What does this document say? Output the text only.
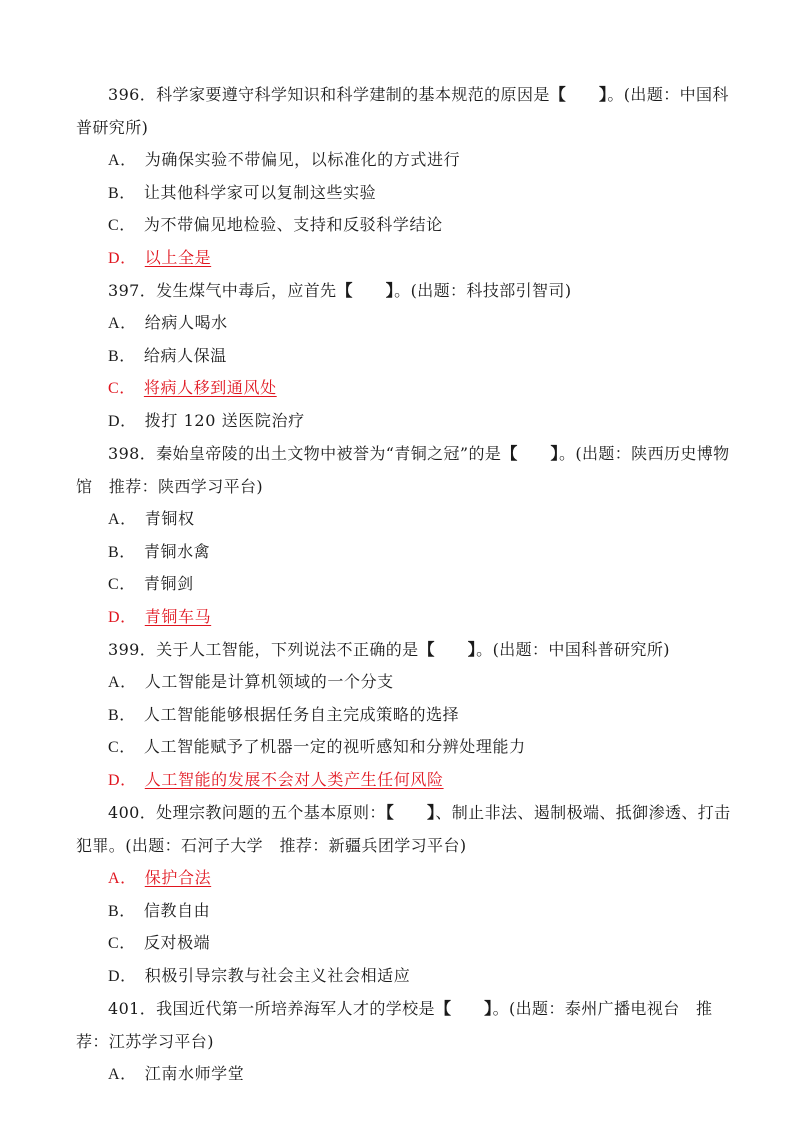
396．科学家要遵守科学知识和科学建制的基本规范的原因是【　　 】。(出题：中国科普研究所)

A． 为确保实验不带偏见，以标准化的方式进行
B． 让其他科学家可以复制这些实验
C． 为不带偏见地检验、支持和反驳科学结论
D． 以上全是

397．发生煤气中毒后，应首先【　　 】。(出题：科技部引智司)

A． 给病人喝水
B． 给病人保温
C． 将病人移到通风处
D． 拨打 120 送医院治疗

398．秦始皇帝陵的出土文物中被誉为“青铜之冠”的是【　　 】。(出题：陕西历史博物馆　推荐：陕西学习平台)

A． 青铜权
B． 青铜水禽
C． 青铜剑
D． 青铜车马

399．关于人工智能，下列说法不正确的是【　　 】。(出题：中国科普研究所)

A． 人工智能是计算机领域的一个分支
B． 人工智能能够根据任务自主完成策略的选择
C． 人工智能赋予了机器一定的视听感知和分辨处理能力
D． 人工智能的发展不会对人类产生任何风险

400．处理宗教问题的五个基本原则：【　　 】、制止非法、遏制极端、抵御渗透、打击犯罪。(出题：石河子大学　推荐：新疆兵团学习平台)

A． 保护合法
B． 信教自由
C． 反对极端
D． 积极引导宗教与社会主义社会相适应

401．我国近代第一所培养海军人才的学校是【　　 】。(出题：泰州广播电视台　推荐：江苏学习平台)

A． 江南水师学堂
